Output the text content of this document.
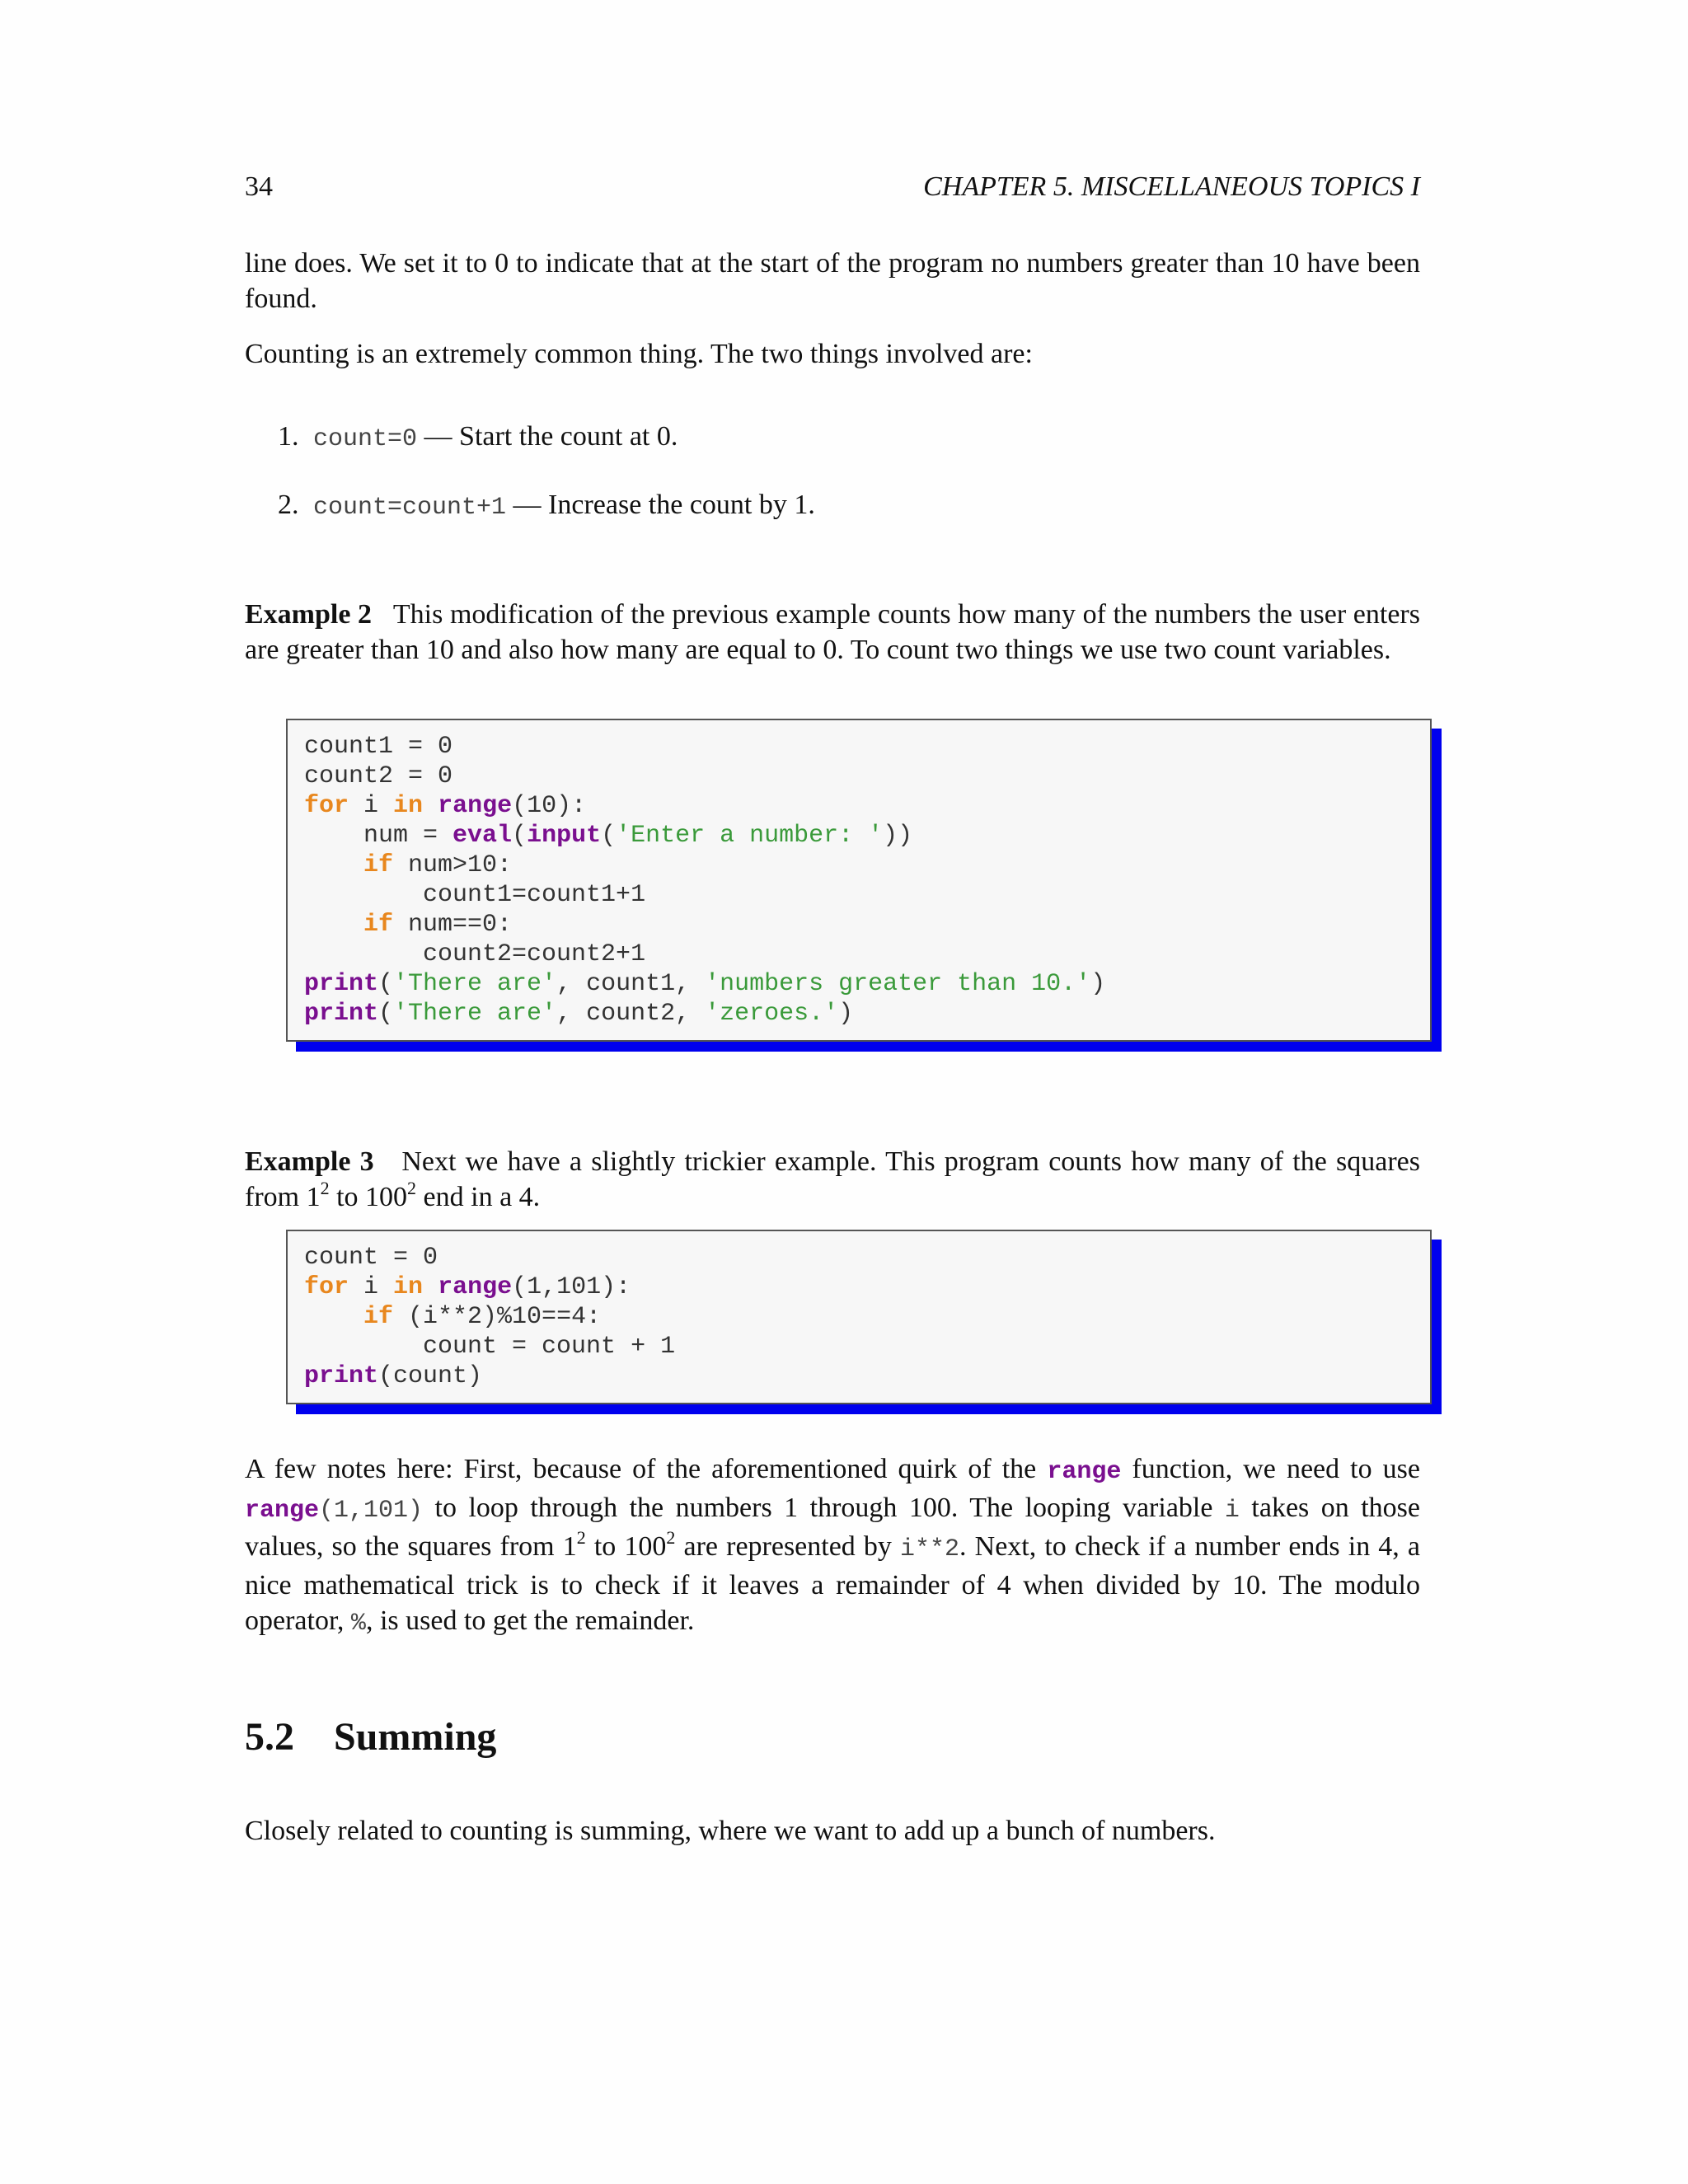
34	CHAPTER 5. MISCELLANEOUS TOPICS I
line does. We set it to 0 to indicate that at the start of the program no numbers greater than 10 have been found.
Counting is an extremely common thing. The two things involved are:
1. count=0 — Start the count at 0.
2. count=count+1 — Increase the count by 1.
Example 2 This modification of the previous example counts how many of the numbers the user enters are greater than 10 and also how many are equal to 0. To count two things we use two count variables.
count1 = 0
count2 = 0
for i in range(10):
num = eval(input('Enter a number: '))
if num>10:
count1=count1+1
if num==0:
count2=count2+1
print('There are', count1, 'numbers greater than 10.')
print('There are', count2, 'zeroes.')
Example 3 Next we have a slightly trickier example. This program counts how many of the squares from $1^2$ to $100^2$ end in a 4.
count = 0
for i in range(1,101):
if (i**2)%10==4:
count = count + 1
print(count)
A few notes here: First, because of the aforementioned quirk of the range function, we need to use range(1,101) to loop through the numbers 1 through 100. The looping variable i takes on those values, so the squares from $1^2$ to $100^2$ are represented by i**2. Next, to check if a number ends in 4, a nice mathematical trick is to check if it leaves a remainder of 4 when divided by 10. The modulo operator, %, is used to get the remainder.
5.2 Summing
Closely related to counting is summing, where we want to add up a bunch of numbers.
